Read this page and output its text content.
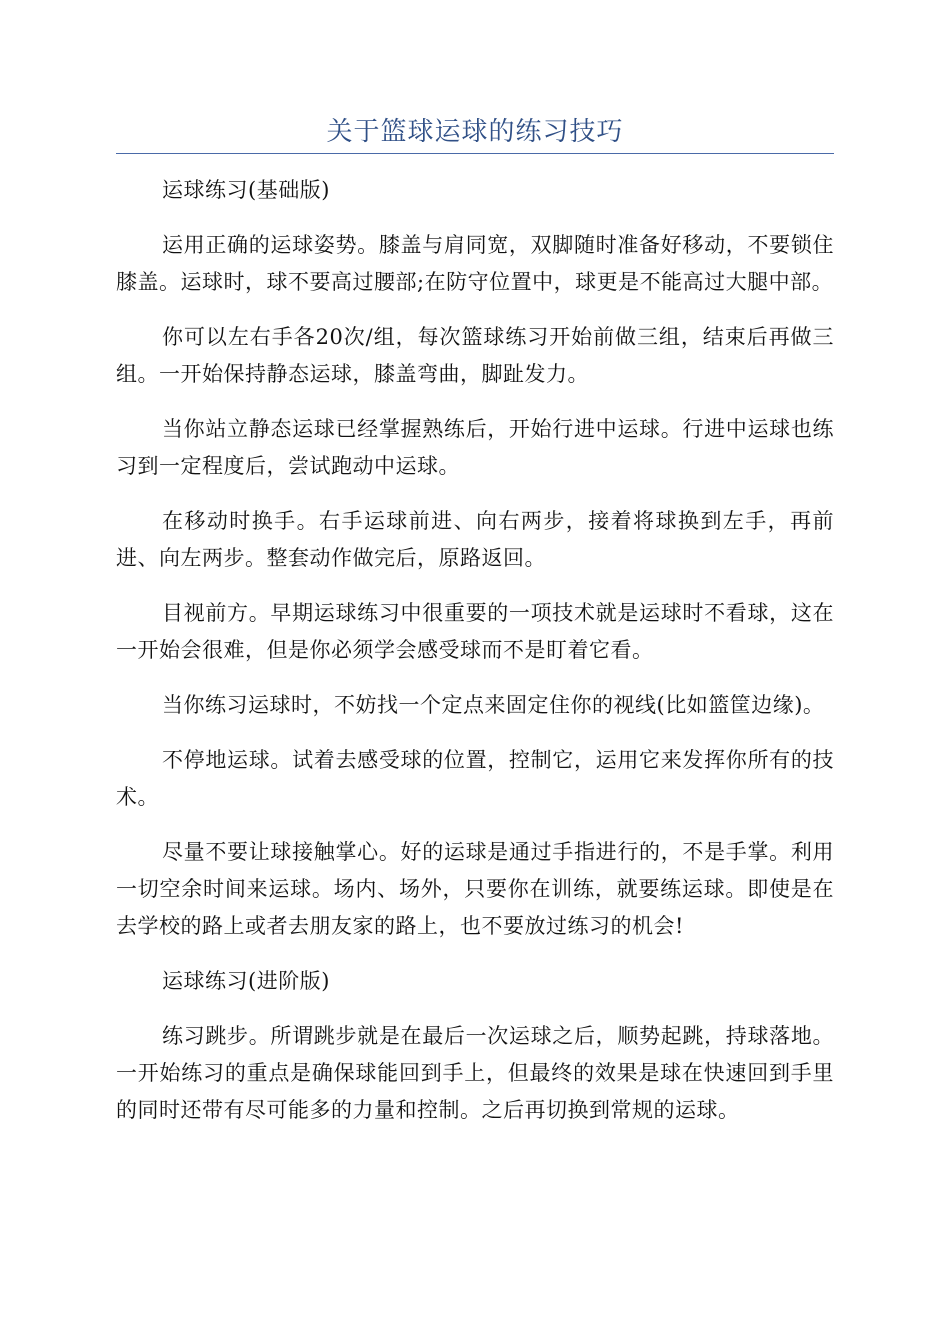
关于篮球运球的练习技巧

运球练习(基础版)

运用正确的运球姿势。膝盖与肩同宽，双脚随时准备好移动，不要锁住膝盖。运球时，球不要高过腰部;在防守位置中，球更是不能高过大腿中部。

你可以左右手各20次/组，每次篮球练习开始前做三组，结束后再做三组。一开始保持静态运球，膝盖弯曲，脚趾发力。

当你站立静态运球已经掌握熟练后，开始行进中运球。行进中运球也练习到一定程度后，尝试跑动中运球。

在移动时换手。右手运球前进、向右两步，接着将球换到左手，再前进、向左两步。整套动作做完后，原路返回。

目视前方。早期运球练习中很重要的一项技术就是运球时不看球，这在一开始会很难，但是你必须学会感受球而不是盯着它看。

当你练习运球时，不妨找一个定点来固定住你的视线(比如篮筐边缘)。

不停地运球。试着去感受球的位置，控制它，运用它来发挥你所有的技术。

尽量不要让球接触掌心。好的运球是通过手指进行的，不是手掌。利用一切空余时间来运球。场内、场外，只要你在训练，就要练运球。即使是在去学校的路上或者去朋友家的路上，也不要放过练习的机会!

运球练习(进阶版)

练习跳步。所谓跳步就是在最后一次运球之后，顺势起跳，持球落地。一开始练习的重点是确保球能回到手上，但最终的效果是球在快速回到手里的同时还带有尽可能多的力量和控制。之后再切换到常规的运球。
